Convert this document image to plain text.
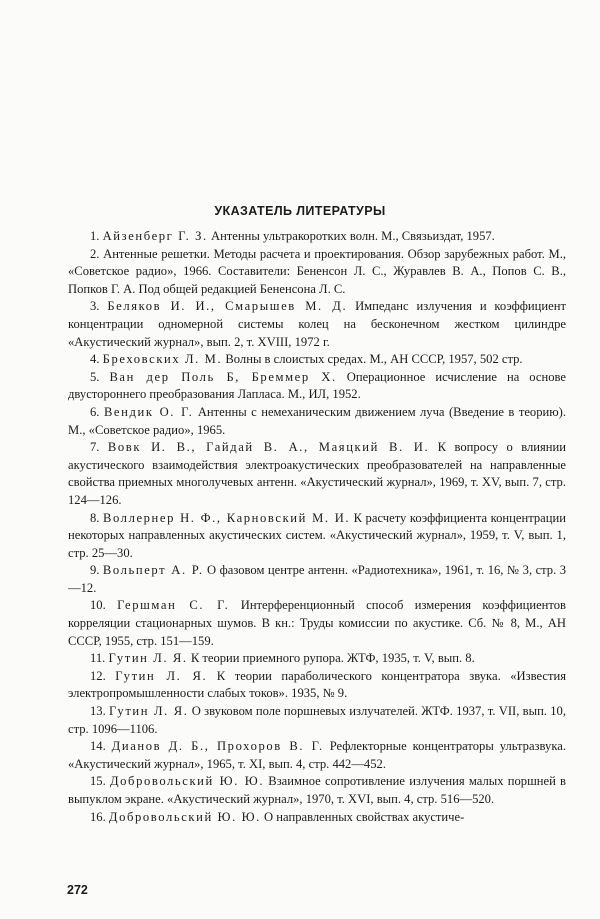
УКАЗАТЕЛЬ ЛИТЕРАТУРЫ

1. Айзенберг Г. З. Антенны ультракоротких волн. М., Связьиздат, 1957.

2. Антенные решетки. Методы расчета и проектирования. Обзор зарубежных работ. М., «Советское радио», 1966. Составители: Бененсон Л. С., Журавлев В. А., Попов С. В., Попков Г. А. Под общей редакцией Бененсона Л. С.

3. Беляков И. И., Смарышев М. Д. Импеданс излучения и коэффициент концентрации одномерной системы колец на бесконечном жестком цилиндре «Акустический журнал», вып. 2, т. XVIII, 1972 г.

4. Бреховских Л. М. Волны в слоистых средах. М., АН СССР, 1957, 502 стр.

5. Ван дер Поль Б, Бреммер Х. Операционное исчисление на основе двустороннего преобразования Лапласа. М., ИЛ, 1952.

6. Вендик О. Г. Антенны с немеханическим движением луча (Введение в теорию). М., «Советское радио», 1965.

7. Вовк И. В., Гайдай В. А., Маяцкий В. И. К вопросу о влиянии акустического взаимодействия электроакустических преобразователей на направленные свойства приемных многолучевых антенн. «Акустический журнал», 1969, т. XV, вып. 7, стр. 124—126.

8. Воллернер Н. Ф., Карновский М. И. К расчету коэффициента концентрации некоторых направленных акустических систем. «Акустический журнал», 1959, т. V, вып. 1, стр. 25—30.

9. Вольперт А. Р. О фазовом центре антенн. «Радиотехника», 1961, т. 16, № 3, стр. 3—12.

10. Гершман С. Г. Интерференционный способ измерения коэффициентов корреляции стационарных шумов. В кн.: Труды комиссии по акустике. Сб. № 8, М., АН СССР, 1955, стр. 151—159.

11. Гутин Л. Я. К теории приемного рупора. ЖТФ, 1935, т. V, вып. 8.

12. Гутин Л. Я. К теории параболического концентратора звука. «Известия электропромышленности слабых токов». 1935, № 9.

13. Гутин Л. Я. О звуковом поле поршневых излучателей. ЖТФ. 1937, т. VII, вып. 10, стр. 1096—1106.

14. Дианов Д. Б., Прохоров В. Г. Рефлекторные концентраторы ультразвука. «Акустический журнал», 1965, т. XI, вып. 4, стр. 442—452.

15. Добровольский Ю. Ю. Взаимное сопротивление излучения малых поршней в выпуклом экране. «Акустический журнал», 1970, т. XVI, вып. 4, стр. 516—520.

16. Добровольский Ю. Ю. О направленных свойствах акустиче-

272
